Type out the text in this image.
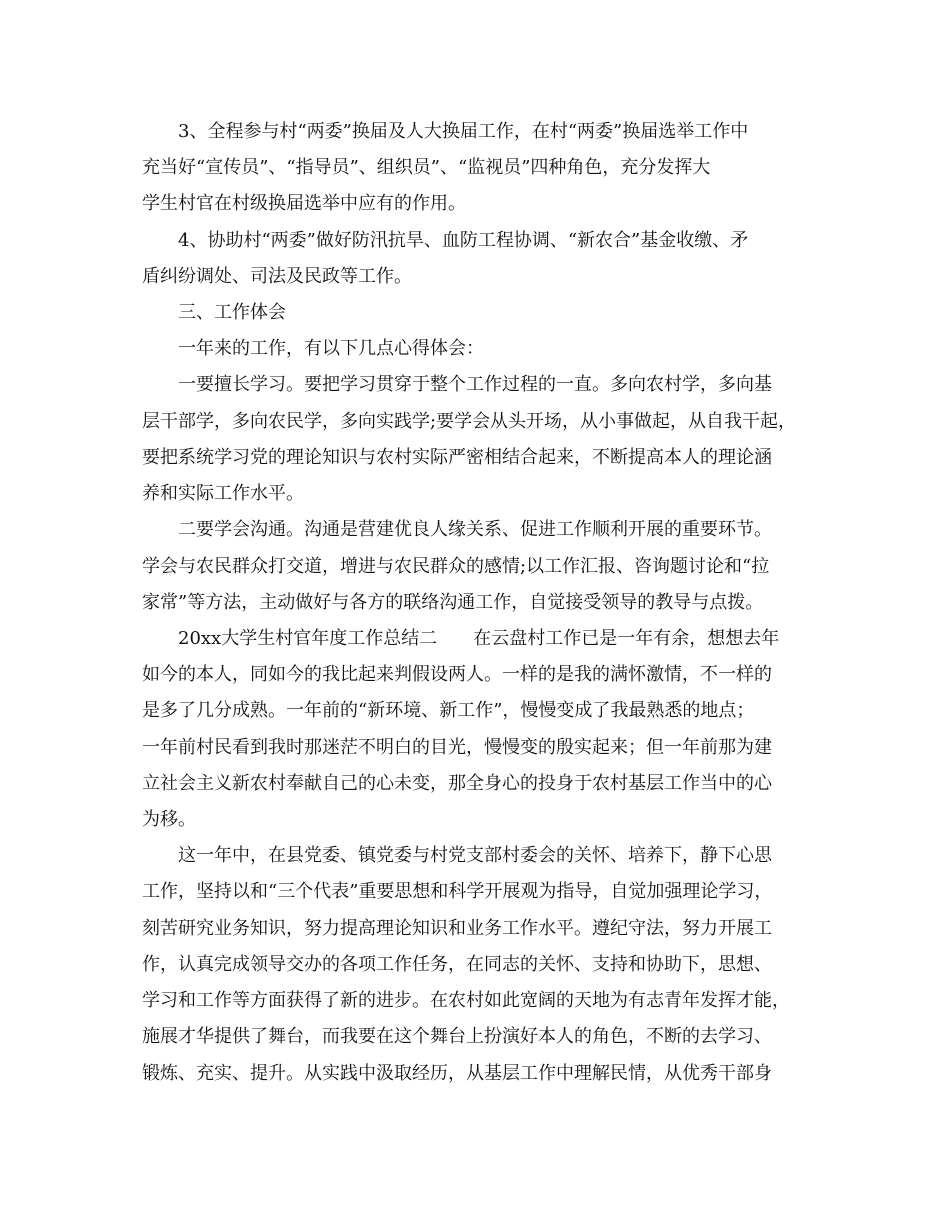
3、全程参与村“两委”换届及人大换届工作，在村“两委”换届选举工作中
充当好“宣传员”、“指导员”、组织员”、“监视员”四种角色，充分发挥大
学生村官在村级换届选举中应有的作用。
4、协助村“两委”做好防汛抗旱、血防工程协调、“新农合”基金收缴、矛
盾纠纷调处、司法及民政等工作。
三、工作体会
一年来的工作，有以下几点心得体会：
一要擅长学习。要把学习贯穿于整个工作过程的一直。多向农村学，多向基
层干部学，多向农民学，多向实践学;要学会从头开场，从小事做起，从自我干起，
要把系统学习党的理论知识与农村实际严密相结合起来，不断提高本人的理论涵
养和实际工作水平。
二要学会沟通。沟通是营建优良人缘关系、促进工作顺利开展的重要环节。
学会与农民群众打交道，增进与农民群众的感情;以工作汇报、咨询题讨论和“拉
家常”等方法，主动做好与各方的联络沟通工作，自觉接受领导的教导与点拨。
20xx大学生村官年度工作总结二　　在云盘村工作已是一年有余，想想去年
如今的本人，同如今的我比起来判假设两人。一样的是我的满怀激情，不一样的
是多了几分成熟。一年前的“新环境、新工作”，慢慢变成了我最熟悉的地点；
一年前村民看到我时那迷茫不明白的目光，慢慢变的殷实起来；但一年前那为建
立社会主义新农村奉献自己的心未变，那全身心的投身于农村基层工作当中的心
为移。
这一年中，在县党委、镇党委与村党支部村委会的关怀、培养下，静下心思
工作，坚持以和“三个代表”重要思想和科学开展观为指导，自觉加强理论学习，
刻苦研究业务知识，努力提高理论知识和业务工作水平。遵纪守法，努力开展工
作，认真完成领导交办的各项工作任务，在同志的关怀、支持和协助下，思想、
学习和工作等方面获得了新的进步。在农村如此宽阔的天地为有志青年发挥才能，
施展才华提供了舞台，而我要在这个舞台上扮演好本人的角色，不断的去学习、
锻炼、充实、提升。从实践中汲取经历，从基层工作中理解民情，从优秀干部身
